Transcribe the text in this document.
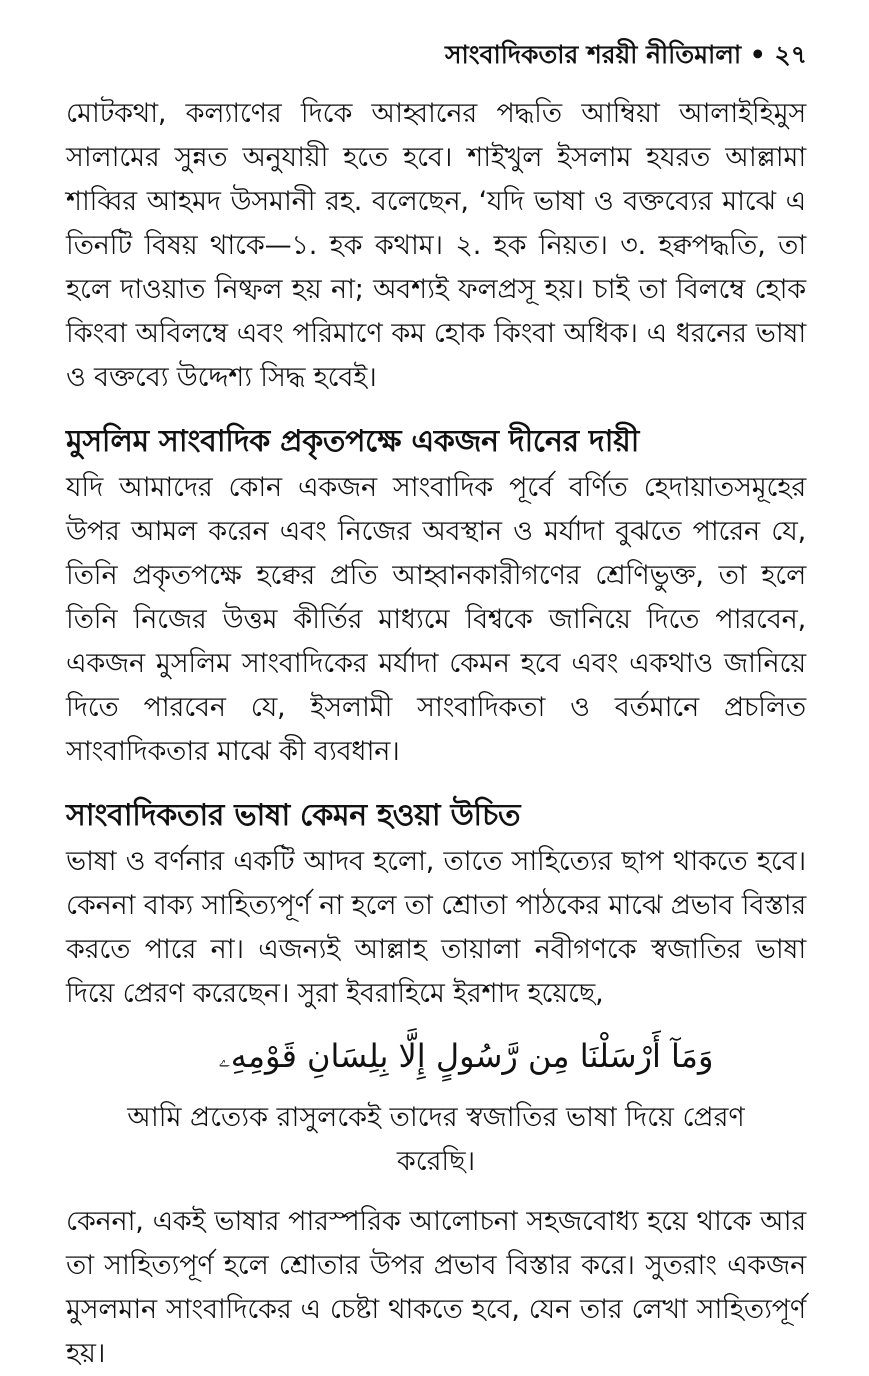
সাংবাদিকতার শরয়ী নীতিমালা • ২৭

মোটকথা, কল্যাণের দিকে আহ্বানের পদ্ধতি আম্বিয়া আলাইহিমুস সালামের সুন্নত অনুযায়ী হতে হবে। শাইখুল ইসলাম হযরত আল্লামা শাব্বির আহমদ উসমানী রহ. বলেছেন, ‘যদি ভাষা ও বক্তব্যের মাঝে এ তিনটি বিষয় থাকে—১. হক কথাম। ২. হক নিয়ত। ৩. হক্বপদ্ধতি, তা হলে দাওয়াত নিষ্ফল হয় না; অবশ্যই ফলপ্রসূ হয়। চাই তা বিলম্বে হোক কিংবা অবিলম্বে এবং পরিমাণে কম হোক কিংবা অধিক। এ ধরনের ভাষা ও বক্তব্যে উদ্দেশ্য সিদ্ধ হবেই।

মুসলিম সাংবাদিক প্রকৃতপক্ষে একজন দীনের দায়ী

যদি আমাদের কোন একজন সাংবাদিক পূর্বে বর্ণিত হেদায়াতসমূহের উপর আমল করেন এবং নিজের অবস্থান ও মর্যাদা বুঝতে পারেন যে, তিনি প্রকৃতপক্ষে হক্বের প্রতি আহ্বানকারীগণের শ্রেণিভুক্ত, তা হলে তিনি নিজের উত্তম কীর্তির মাধ্যমে বিশ্বকে জানিয়ে দিতে পারবেন, একজন মুসলিম সাংবাদিকের মর্যাদা কেমন হবে এবং একথাও জানিয়ে দিতে পারবেন যে, ইসলামী সাংবাদিকতা ও বর্তমানে প্রচলিত সাংবাদিকতার মাঝে কী ব্যবধান।

সাংবাদিকতার ভাষা কেমন হওয়া উচিত

ভাষা ও বর্ণনার একটি আদব হলো, তাতে সাহিত্যের ছাপ থাকতে হবে। কেননা বাক্য সাহিত্যপূর্ণ না হলে তা শ্রোতা পাঠকের মাঝে প্রভাব বিস্তার করতে পারে না। এজন্যই আল্লাহ তায়ালা নবীগণকে স্বজাতির ভাষা দিয়ে প্রেরণ করেছেন। সুরা ইবরাহিমে ইরশাদ হয়েছে,

وَمَآ أَرْسَلْنَا مِن رَّسُولٍ إِلَّا بِلِسَانِ قَوْمِهِۦ
আমি প্রত্যেক রাসুলকেই তাদের স্বজাতির ভাষা দিয়ে প্রেরণ করেছি।

কেননা, একই ভাষার পারস্পরিক আলোচনা সহজবোধ্য হয়ে থাকে আর তা সাহিত্যপূর্ণ হলে শ্রোতার উপর প্রভাব বিস্তার করে। সুতরাং একজন মুসলমান সাংবাদিকের এ চেষ্টা থাকতে হবে, যেন তার লেখা সাহিত্যপূর্ণ হয়।
